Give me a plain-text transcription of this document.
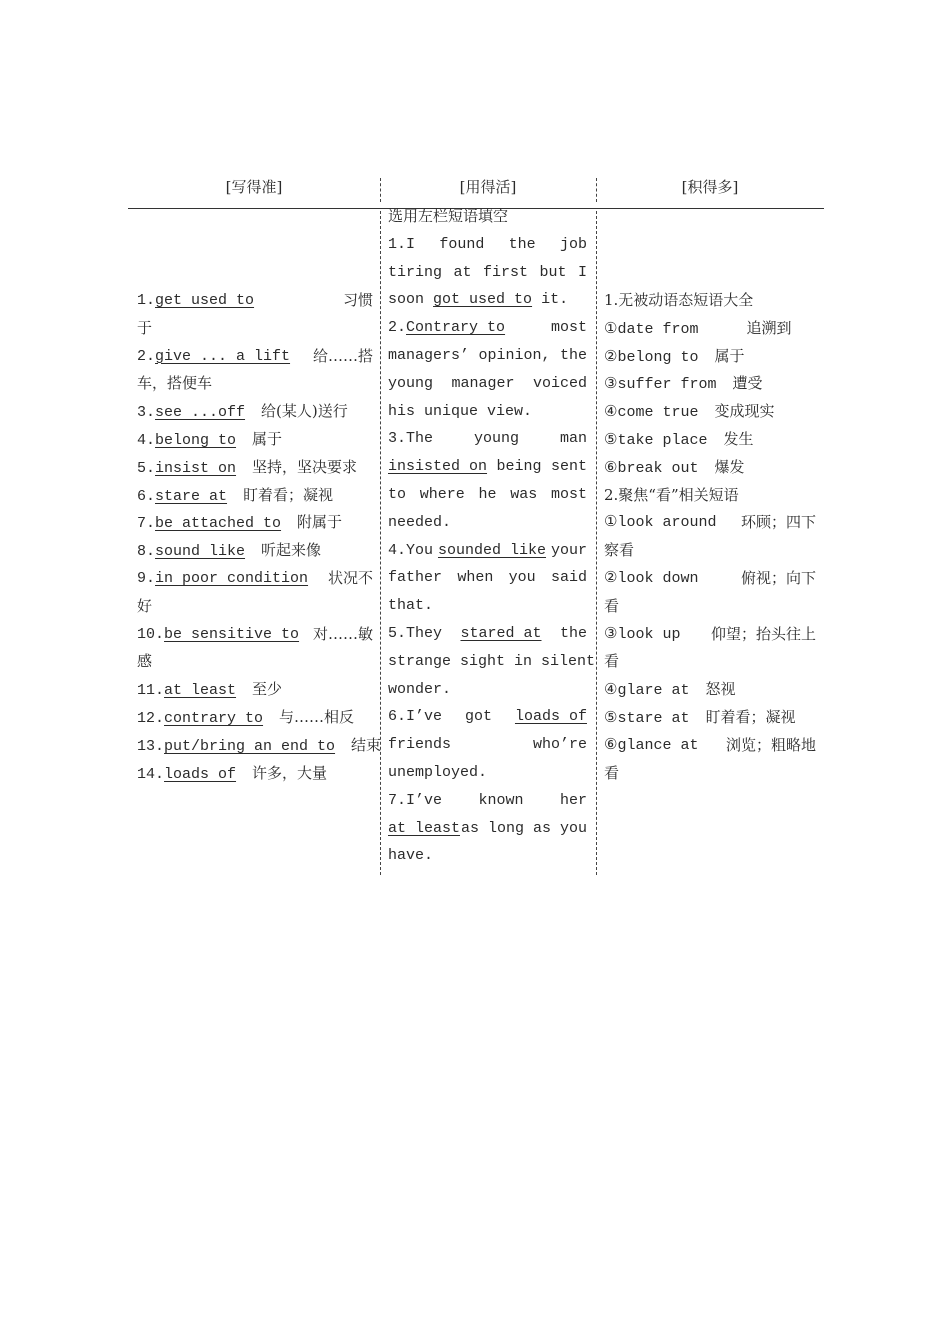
[写得准]	[用得活]	[积得多]
1.get used to	习惯
于
2.give ... a lift 给……搭
车，搭便车
3.see ...off 给(某人)送行
4.belong to 属于
5.insist on 坚持，坚决要求
6.stare at 盯着看；凝视
7.be attached to 附属于
8.sound like 听起来像
9.in poor condition 状况不
好
10.be sensitive to 对……敏
感
11.at least 至少
12.contrary to 与……相反
13.put/bring an end to 结束
14.loads of 许多，大量
选用左栏短语填空
1.I found the job
tiring at first but I
soon got used to it.
2.Contrary to	most
managers’ opinion, the
young manager voiced
his unique view.
3.The	young	man
insisted on being sent
to where he was most
needed.
4.You sounded like your
father when you said
that.
5.They stared at the
strange sight in silent
wonder.
6.I’ve got loads of
friends	who’re
unemployed.
7.I’ve known her
at least as long as you
have.
1.无被动语态短语大全
①date from	追溯到
②belong to 属于
③suffer from 遭受
④come true 变成现实
⑤take place 发生
⑥break out 爆发
2.聚焦“看”相关短语
①look around 环顾；四下
察看
②look down	俯视；向下
看
③look up 仰望；抬头往上
看
④glare at 怒视
⑤stare at 盯着看；凝视
⑥glance at 浏览；粗略地
看
